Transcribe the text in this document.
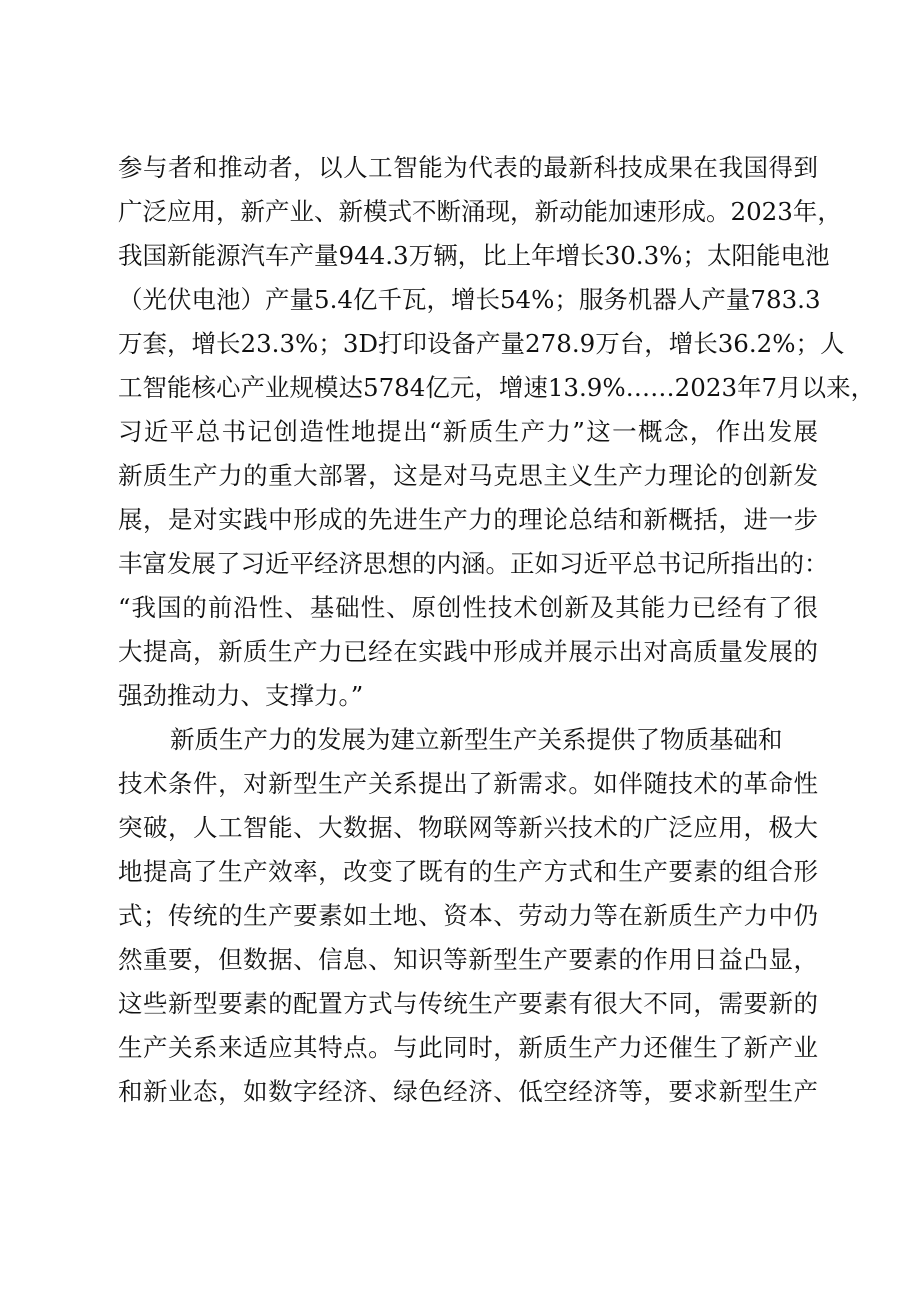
参与者和推动者，以人工智能为代表的最新科技成果在我国得到
广泛应用，新产业、新模式不断涌现，新动能加速形成。2023年，
我国新能源汽车产量944.3万辆，比上年增长30.3%；太阳能电池
（光伏电池）产量5.4亿千瓦，增长54%；服务机器人产量783.3
万套，增长23.3%；3D打印设备产量278.9万台，增长36.2%；人
工智能核心产业规模达5784亿元，增速13.9%……2023年7月以来，
习近平总书记创造性地提出“新质生产力”这一概念，作出发展
新质生产力的重大部署，这是对马克思主义生产力理论的创新发
展，是对实践中形成的先进生产力的理论总结和新概括，进一步
丰富发展了习近平经济思想的内涵。正如习近平总书记所指出的：
“我国的前沿性、基础性、原创性技术创新及其能力已经有了很
大提高，新质生产力已经在实践中形成并展示出对高质量发展的
强劲推动力、支撑力。”
新质生产力的发展为建立新型生产关系提供了物质基础和
技术条件，对新型生产关系提出了新需求。如伴随技术的革命性
突破，人工智能、大数据、物联网等新兴技术的广泛应用，极大
地提高了生产效率，改变了既有的生产方式和生产要素的组合形
式；传统的生产要素如土地、资本、劳动力等在新质生产力中仍
然重要，但数据、信息、知识等新型生产要素的作用日益凸显，
这些新型要素的配置方式与传统生产要素有很大不同，需要新的
生产关系来适应其特点。与此同时，新质生产力还催生了新产业
和新业态，如数字经济、绿色经济、低空经济等，要求新型生产
